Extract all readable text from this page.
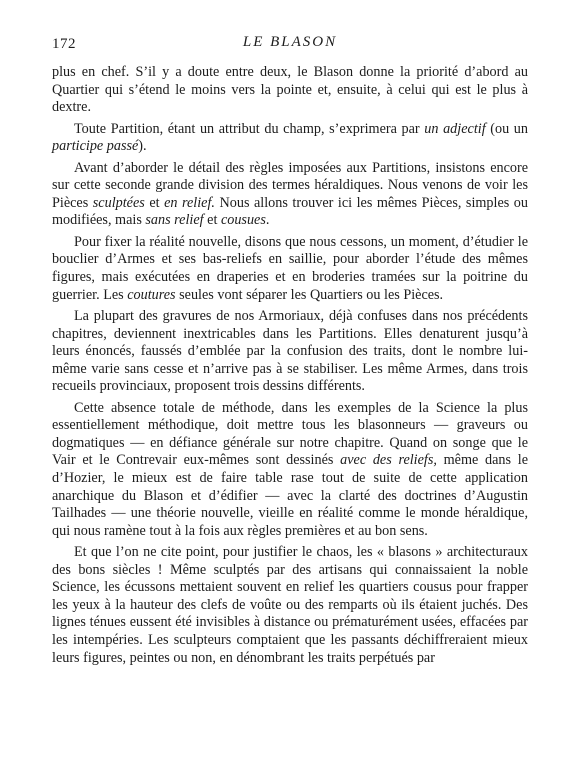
172	LE BLASON

plus en chef. S’il y a doute entre deux, le Blason donne la priorité d’abord au Quartier qui s’étend le moins vers la pointe et, ensuite, à celui qui est le plus à dextre.

Toute Partition, étant un attribut du champ, s’exprimera par un adjectif (ou un participe passé).

Avant d’aborder le détail des règles imposées aux Partitions, insistons encore sur cette seconde grande division des termes héraldiques. Nous venons de voir les Pièces sculptées et en relief. Nous allons trouver ici les mêmes Pièces, simples ou modifiées, mais sans relief et cousues.

Pour fixer la réalité nouvelle, disons que nous cessons, un moment, d’étudier le bouclier d’Armes et ses bas-reliefs en saillie, pour aborder l’étude des mêmes figures, mais exécutées en draperies et en broderies tramées sur la poitrine du guerrier. Les coutures seules vont séparer les Quartiers ou les Pièces.

La plupart des gravures de nos Armoriaux, déjà confuses dans nos précédents chapitres, deviennent inextricables dans les Partitions. Elles denaturent jusqu’à leurs énoncés, faussés d’emblée par la confusion des traits, dont le nombre lui-même varie sans cesse et n’arrive pas à se stabiliser. Les même Armes, dans trois recueils provinciaux, proposent trois dessins différents.

Cette absence totale de méthode, dans les exemples de la Science la plus essentiellement méthodique, doit mettre tous les blasonneurs — graveurs ou dogmatiques — en défiance générale sur notre chapitre. Quand on songe que le Vair et le Contrevair eux-mêmes sont dessinés avec des reliefs, même dans le d’Hozier, le mieux est de faire table rase tout de suite de cette application anarchique du Blason et d’édifier — avec la clarté des doctrines d’Augustin Tailhades — une théorie nouvelle, vieille en réalité comme le monde héraldique, qui nous ramène tout à la fois aux règles premières et au bon sens.

Et que l’on ne cite point, pour justifier le chaos, les « blasons » architecturaux des bons siècles ! Même sculptés par des artisans qui connaissaient la noble Science, les écussons mettaient souvent en relief les quartiers cousus pour frapper les yeux à la hauteur des clefs de voûte ou des remparts où ils étaient juchés. Des lignes ténues eussent été invisibles à distance ou prématurément usées, effacées par les intempéries. Les sculpteurs comptaient que les passants déchiffreraient mieux leurs figures, peintes ou non, en dénombrant les traits perpétués par
